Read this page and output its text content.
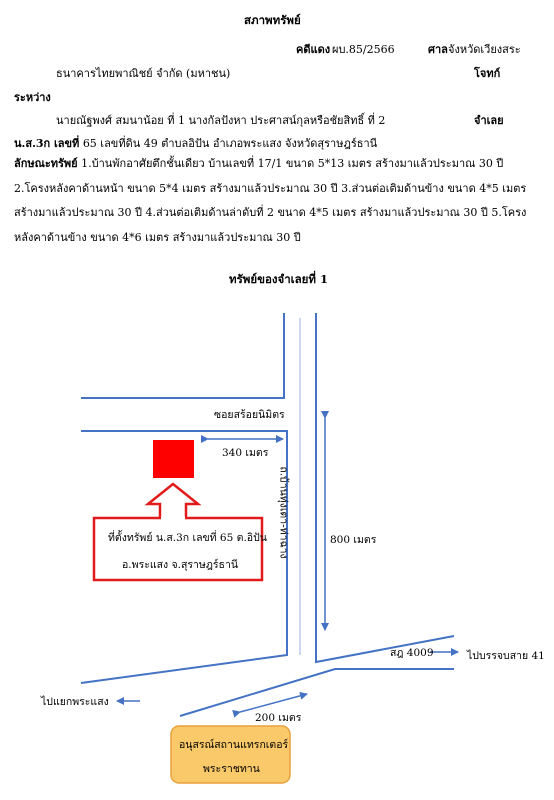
สภาพทรัพย์
คดีแดง ผบ.85/2566	ศาล จังหวัดเวียงสระ
ธนาคารไทยพาณิชย์ จำกัด (มหาชน)	โจทก์
ระหว่าง
นายณัฐพงศ์ สมนาน้อย ที่ 1 นางกัลปังหา ประศาสน์กุลหรือชัยสิทธิ์ ที่ 2	จำเลย
น.ส.3ก เลขที่ 65 เลขที่ดิน 49 ตำบลอิปัน อำเภอพระแสง จังหวัดสุราษฎร์ธานี
ลักษณะทรัพย์ 1.บ้านพักอาศัยตึกชั้นเดียว บ้านเลขที่ 17/1 ขนาด 5*13 เมตร สร้างมาแล้วประมาณ 30 ปี 2.โครงหลังคาด้านหน้า ขนาด 5*4 เมตร สร้างมาแล้วประมาณ 30 ปี 3.ส่วนต่อเติมด้านข้าง ขนาด 4*5 เมตร สร้างมาแล้วประมาณ 30 ปี 4.ส่วนต่อเติมด้านล่าดับที่ 2 ขนาด 4*5 เมตร สร้างมาแล้วประมาณ 30 ปี 5.โครงหลังคาด้านข้าง ขนาด 4*6 เมตร สร้างมาแล้วประมาณ 30 ปี
ทรัพย์ของจำเลยที่ 1
ซอยสร้อยนิมิตร
340 เมตร
ที่ตั้งทรัพย์ น.ส.3ก เลขที่ 65 ต.อิปัน
อ.พระแสง จ.สุราษฎร์ธานี
ถ.บ้านทุ่งเตา-ท่าฉาง	800 เมตร
สฎ 4009	ไปบรรจบสาย 41
ไปแยกพระแสง
200 เมตร
อนุสรณ์สถานแทรกเตอร์
พระราชทาน
